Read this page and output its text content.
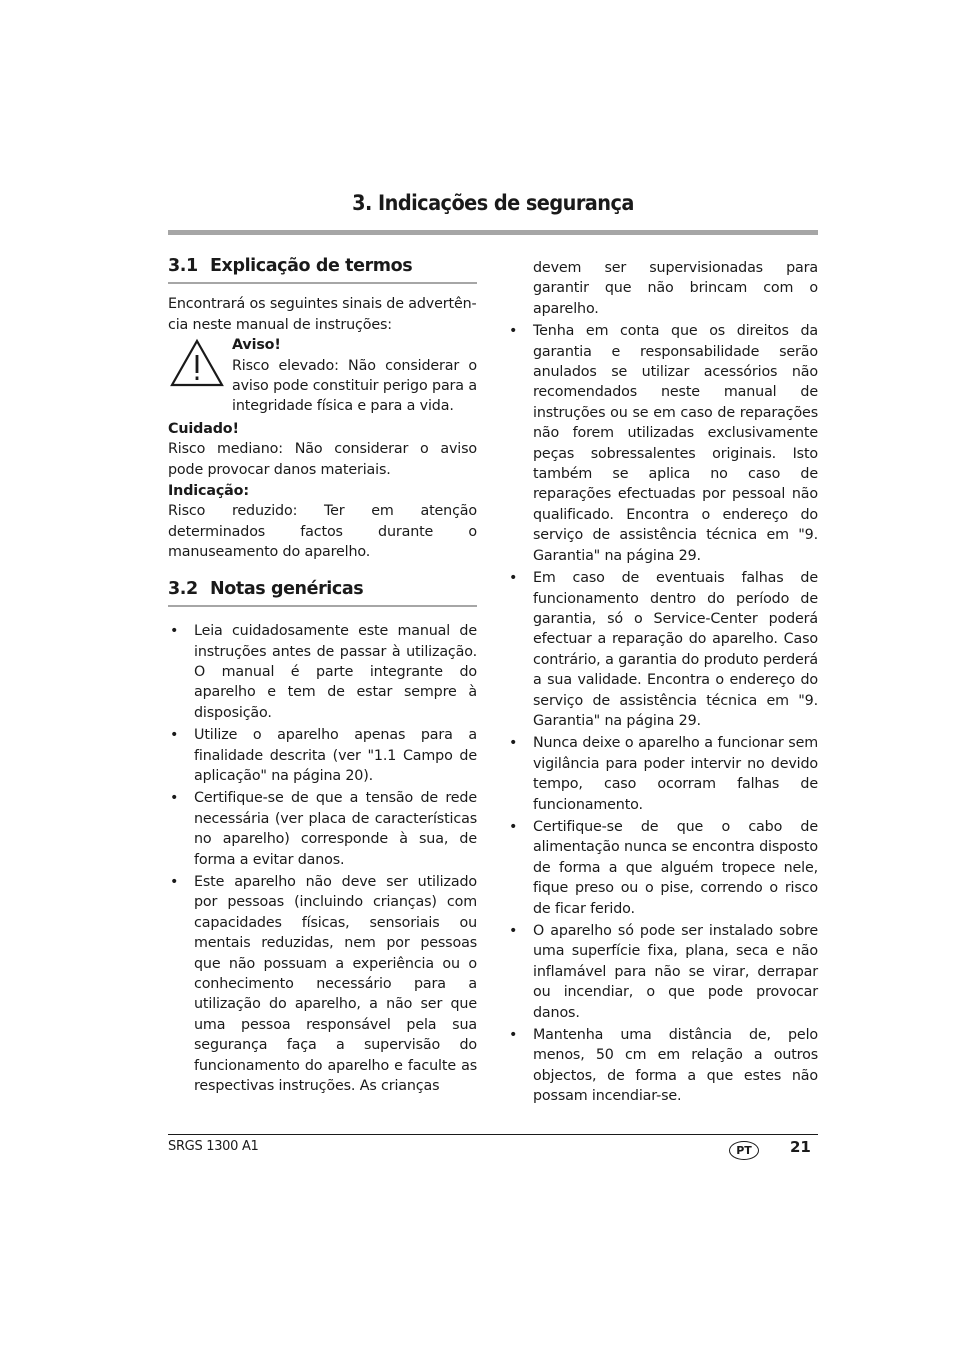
3. Indicações de segurança
3.1 Explicação de termos

Encontrará os seguintes sinais de advertên-cia neste manual de instruções:

Aviso!

Risco elevado: Não considerar o aviso pode constituir perigo para a integridade física e para a vida.

Cuidado!

Risco mediano: Não considerar o aviso pode provocar danos materiais.

Indicação:

Risco reduzido: Ter em atenção determinados factos durante o manuseamento do aparelho.

3.2 Notas genéricas
• Leia cuidadosamente este manual de instruções antes de passar à utilização. O manual é parte integrante do aparelho e tem de estar sempre à disposição.
• Utilize o aparelho apenas para a finalidade descrita (ver "1.1 Campo de aplicação" na página 20).
• Certifique-se de que a tensão de rede necessária (ver placa de características no aparelho) corresponde à sua, de forma a evitar danos.
• Este aparelho não deve ser utilizado por pessoas (incluindo crianças) com capacidades físicas, sensoriais ou mentais reduzidas, nem por pessoas que não possuam a experiência ou o conhecimento necessário para a utilização do aparelho, a não ser que uma pessoa responsável pela sua segurança faça a supervisão do funcionamento do aparelho e faculte as respectivas instruções. As crianças

devem ser supervisionadas para garantir que não brincam com o aparelho.

• Tenha em conta que os direitos da garantia e responsabilidade serão anulados se utilizar acessórios não recomendados neste manual de instruções ou se em caso de reparações não forem utilizadas exclusivamente peças sobressalentes originais. Isto também se aplica no caso de reparações efectuadas por pessoal não qualificado. Encontra o endereço do serviço de assistência técnica em "9. Garantia" na página 29.
• Em caso de eventuais falhas de funcionamento dentro do período de garantia, só o Service-Center poderá efectuar a reparação do aparelho. Caso contrário, a garantia do produto perderá a sua validade. Encontra o endereço do serviço de assistência técnica em "9. Garantia" na página 29.
• Nunca deixe o aparelho a funcionar sem vigilância para poder intervir no devido tempo, caso ocorram falhas de funcionamento.
• Certifique-se de que o cabo de alimentação nunca se encontra disposto de forma a que alguém tropece nele, fique preso ou o pise, correndo o risco de ficar ferido.
• O aparelho só pode ser instalado sobre uma superfície fixa, plana, seca e não inflamável para não se virar, derrapar ou incendiar, o que pode provocar danos.
• Mantenha uma distância de, pelo menos, 50 cm em relação a outros objectos, de forma a que estes não possam incendiar-se.
SRGS 1300 A1	PT	21
